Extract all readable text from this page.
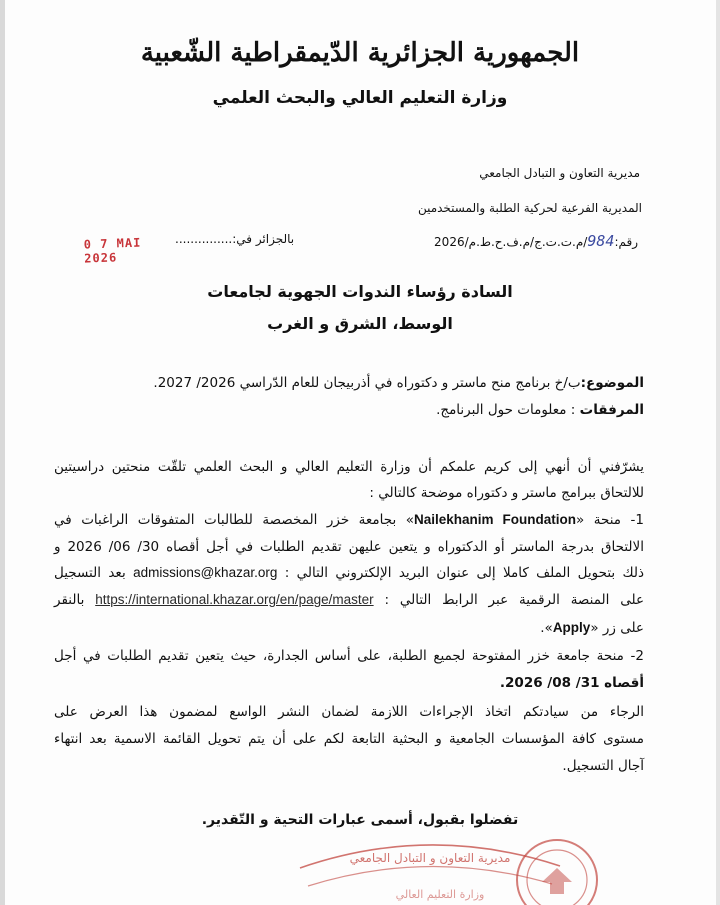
الجمهورية الجزائرية الدّيمقراطية الشّعبية
وزارة التعليم العالي والبحث العلمي
مديرية التعاون و التبادل الجامعي
المديرية الفرعية لحركية الطلبة والمستخدمين
رقم:984/م.ت.ت.ج/م.ف.ح.ط.م/2026
بالجزائر في:...............
0 7 MAI 2026
السادة رؤساء الندوات الجهوية لجامعات
الوسط، الشرق و الغرب
الموضوع:ب/خ برنامج منح ماستر و دكتوراه في أذربيجان للعام الدّراسي 2026/ 2027.
المرفقات : معلومات حول البرنامج.
يشرّفني أن أنهي إلى كريم علمكم أن وزارة التعليم العالي و البحث العلمي تلقّت منحتين دراسيتين
للالتحاق ببرامج ماستر و دكتوراه موضحة كالتالي :
1- منحة «Nailekhanim Foundation» بجامعة خزر المخصصة للطالبات المتفوقات الراغبات في
الالتحاق بدرجة الماستر أو الدكتوراه و يتعين عليهن تقديم الطلبات في أجل أقصاه 30/ 06/ 2026 و
ذلك بتحويل الملف كاملا إلى عنوان البريد الإلكتروني التالي : admissions@khazar.org بعد التسجيل
على المنصة الرقمية عبر الرابط التالي : https://international.khazar.org/en/page/master بالنقر
على زر «Apply».
2- منحة جامعة خزر المفتوحة لجميع الطلبة، على أساس الجدارة، حيث يتعين تقديم الطلبات في أجل
أقصاه 31/ 08/ 2026.
الرجاء من سيادتكم اتخاذ الإجراءات اللازمة لضمان النشر الواسع لمضمون هذا العرض على
مستوى كافة المؤسسات الجامعية و البحثية التابعة لكم على أن يتم تحويل القائمة الاسمية بعد انتهاء
آجال التسجيل.
تفضلوا بقبول، أسمى عبارات التحية و التّقدير.
مديرية التعاون و التبادل الجامعي
وزارة التعليم العالي
